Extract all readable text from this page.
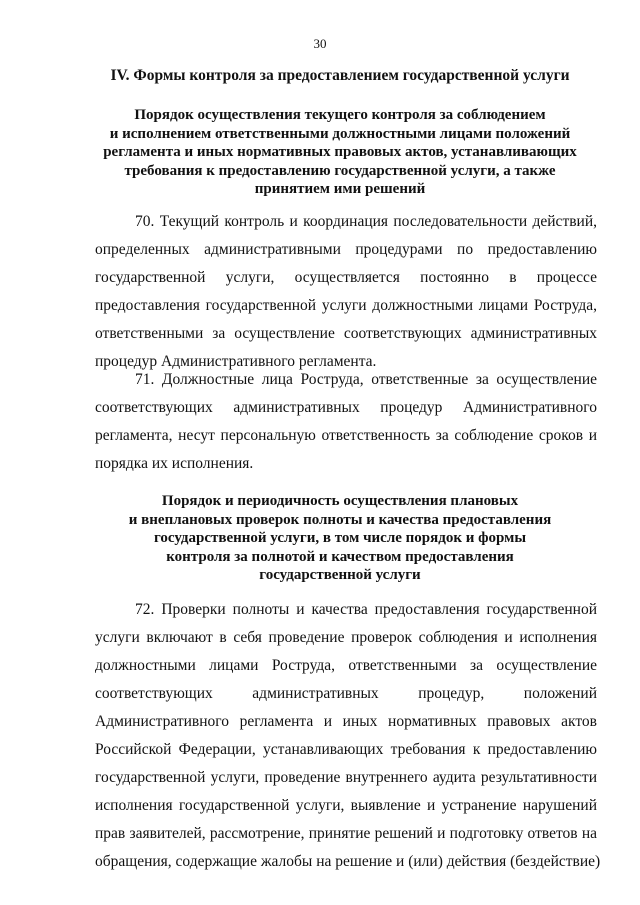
30
IV. Формы контроля за предоставлением государственной услуги
Порядок осуществления текущего контроля за соблюдением
и исполнением ответственными должностными лицами положений
регламента и иных нормативных правовых актов, устанавливающих
требования к предоставлению государственной услуги, а также
принятием ими решений
70. Текущий контроль и координация последовательности действий,
определенных административными процедурами по предоставлению
государственной услуги, осуществляется постоянно в процессе
предоставления государственной услуги должностными лицами Роструда,
ответственными за осуществление соответствующих административных
процедур Административного регламента.
71. Должностные лица Роструда, ответственные за осуществление
соответствующих административных процедур Административного
регламента, несут персональную ответственность за соблюдение сроков и
порядка их исполнения.
Порядок и периодичность осуществления плановых
и внеплановых проверок полноты и качества предоставления
государственной услуги, в том числе порядок и формы
контроля за полнотой и качеством предоставления
государственной услуги
72. Проверки полноты и качества предоставления государственной
услуги включают в себя проведение проверок соблюдения и исполнения
должностными лицами Роструда, ответственными за осуществление
соответствующих административных процедур, положений
Административного регламента и иных нормативных правовых актов
Российской Федерации, устанавливающих требования к предоставлению
государственной услуги, проведение внутреннего аудита результативности
исполнения государственной услуги, выявление и устранение нарушений
прав заявителей, рассмотрение, принятие решений и подготовку ответов на
обращения, содержащие жалобы на решение и (или) действия (бездействие)
